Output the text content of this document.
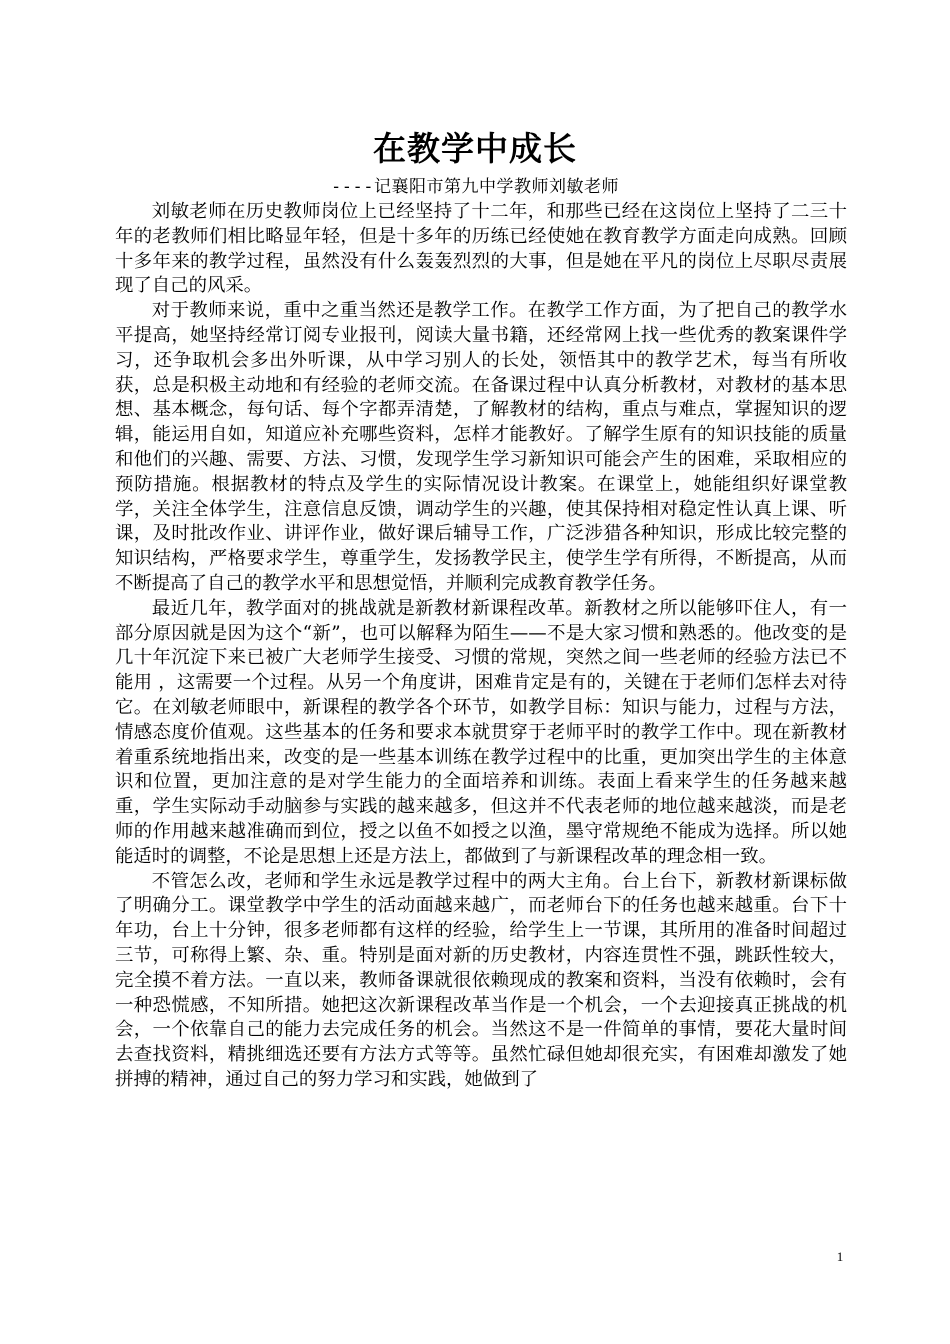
在教学中成长
----记襄阳市第九中学教师刘敏老师

刘敏老师在历史教师岗位上已经坚持了十二年，和那些已经在这岗位上坚持了二三十年的老教师们相比略显年轻，但是十多年的历练已经使她在教育教学方面走向成熟。回顾十多年来的教学过程，虽然没有什么轰轰烈烈的大事，但是她在平凡的岗位上尽职尽责展现了自己的风采。

对于教师来说，重中之重当然还是教学工作。在教学工作方面，为了把自己的教学水平提高，她坚持经常订阅专业报刊，阅读大量书籍，还经常网上找一些优秀的教案课件学习，还争取机会多出外听课，从中学习别人的长处，领悟其中的教学艺术，每当有所收获，总是积极主动地和有经验的老师交流。在备课过程中认真分析教材，对教材的基本思想、基本概念，每句话、每个字都弄清楚，了解教材的结构，重点与难点，掌握知识的逻辑，能运用自如，知道应补充哪些资料，怎样才能教好。了解学生原有的知识技能的质量和他们的兴趣、需要、方法、习惯，发现学生学习新知识可能会产生的困难，采取相应的预防措施。根据教材的特点及学生的实际情况设计教案。在课堂上，她能组织好课堂教学，关注全体学生，注意信息反馈，调动学生的兴趣，使其保持相对稳定性认真上课、听课，及时批改作业、讲评作业，做好课后辅导工作，广泛涉猎各种知识，形成比较完整的知识结构，严格要求学生，尊重学生，发扬教学民主，使学生学有所得，不断提高，从而不断提高了自己的教学水平和思想觉悟，并顺利完成教育教学任务。

最近几年，教学面对的挑战就是新教材新课程改革。新教材之所以能够吓住人，有一部分原因就是因为这个“新”，也可以解释为陌生——不是大家习惯和熟悉的。他改变的是几十年沉淀下来已被广大老师学生接受、习惯的常规，突然之间一些老师的经验方法已不能用 ，这需要一个过程。从另一个角度讲，困难肯定是有的，关键在于老师们怎样去对待它。在刘敏老师眼中，新课程的教学各个环节，如教学目标：知识与能力，过程与方法，情感态度价值观。这些基本的任务和要求本就贯穿于老师平时的教学工作中。现在新教材着重系统地指出来，改变的是一些基本训练在教学过程中的比重，更加突出学生的主体意识和位置，更加注意的是对学生能力的全面培养和训练。表面上看来学生的任务越来越重，学生实际动手动脑参与实践的越来越多，但这并不代表老师的地位越来越淡，而是老师的作用越来越准确而到位，授之以鱼不如授之以渔，墨守常规绝不能成为选择。所以她能适时的调整，不论是思想上还是方法上，都做到了与新课程改革的理念相一致。

不管怎么改，老师和学生永远是教学过程中的两大主角。台上台下，新教材新课标做了明确分工。课堂教学中学生的活动面越来越广，而老师台下的任务也越来越重。台下十年功，台上十分钟，很多老师都有这样的经验，给学生上一节课，其所用的准备时间超过三节，可称得上繁、杂、重。特别是面对新的历史教材，内容连贯性不强，跳跃性较大，完全摸不着方法。一直以来，教师备课就很依赖现成的教案和资料，当没有依赖时，会有一种恐慌感，不知所措。她把这次新课程改革当作是一个机会，一个去迎接真正挑战的机会，一个依靠自己的能力去完成任务的机会。当然这不是一件简单的事情，要花大量时间去查找资料，精挑细选还要有方法方式等等。虽然忙碌但她却很充实，有困难却激发了她拼搏的精神，通过自己的努力学习和实践，她做到了

1
